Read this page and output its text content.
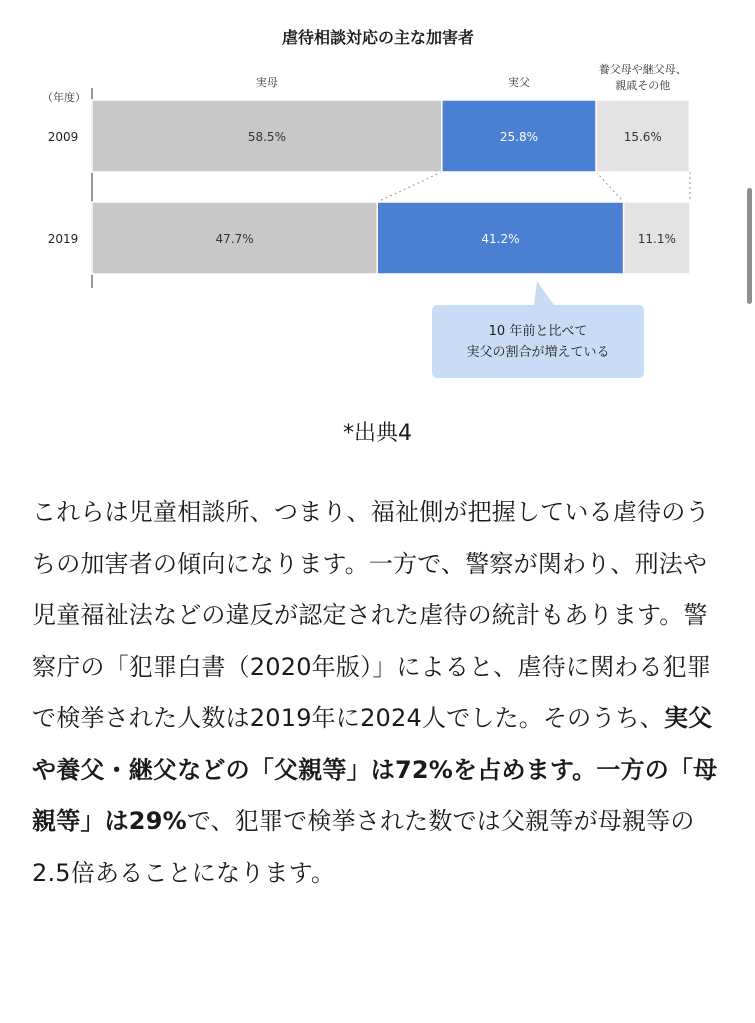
虐待相談対応の主な加害者
（年度）
実母	実父
養父母や継父母、
親戚その他
2009	58.5%	25.8%	15.6%
2019	47.7%	41.2%	11.1%
10 年前と比べて
実父の割合が増えている
*出典4

これらは児童相談所、つまり、福祉側が把握している虐待のうちの加害者の傾向になります。一方で、警察が関わり、刑法や児童福祉法などの違反が認定された虐待の統計もあります。警察庁の「犯罪白書（2020年版）」によると、虐待に関わる犯罪で検挙された人数は2019年に2024人でした。そのうち、実父や養父・継父などの「父親等」は72%を占めます。一方の「母親等」は29%で、犯罪で検挙された数では父親等が母親等の2.5倍あることになります。
